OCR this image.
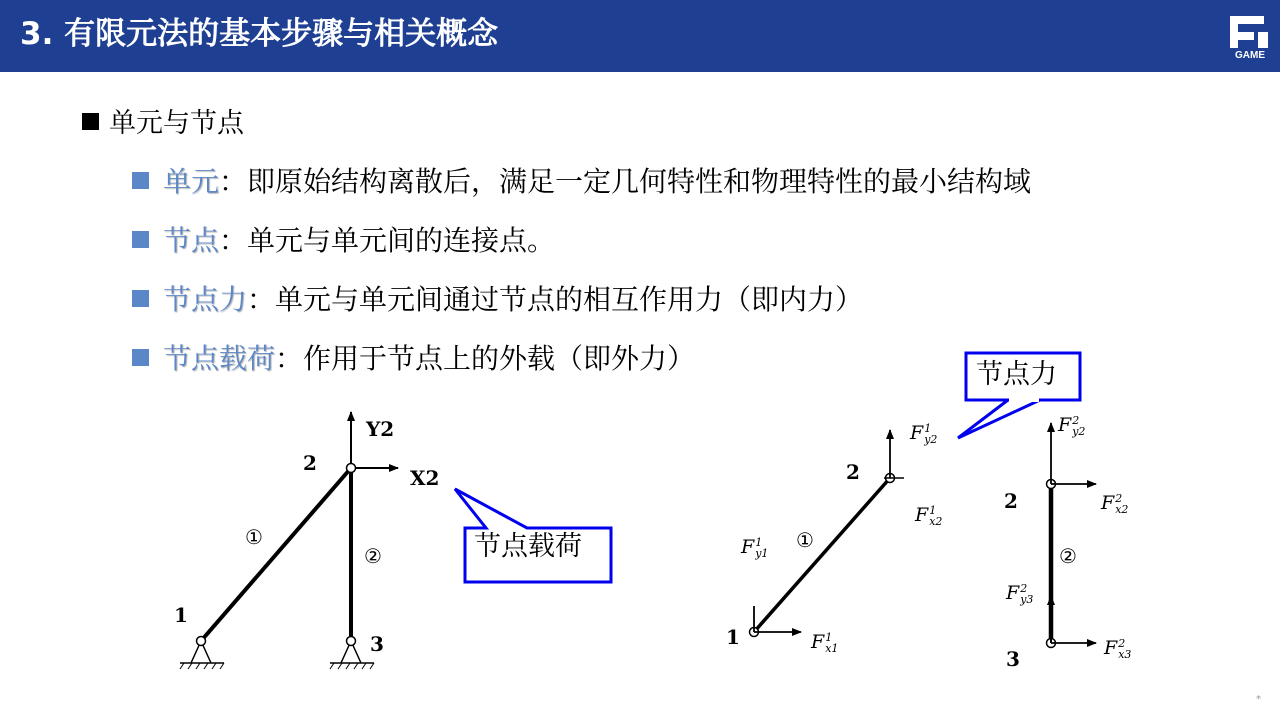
3. 有限元法的基本步骤与相关概念
GAME
单元与节点
单元：即原始结构离散后，满足一定几何特性和物理特性的最小结构域
节点：单元与单元间的连接点。
节点力：单元与单元间通过节点的相互作用力（即内力）
节点载荷：作用于节点上的外载（即外力）
Y2
X2
2
1
3
①
②	节点载荷
节点力
2
1
2
3
①
②
F 1
y2
F 1
x2
F 1
y1
F 1
x1
F 2
y2
F 2
x2
F 2
y3
F 2
x3
*
